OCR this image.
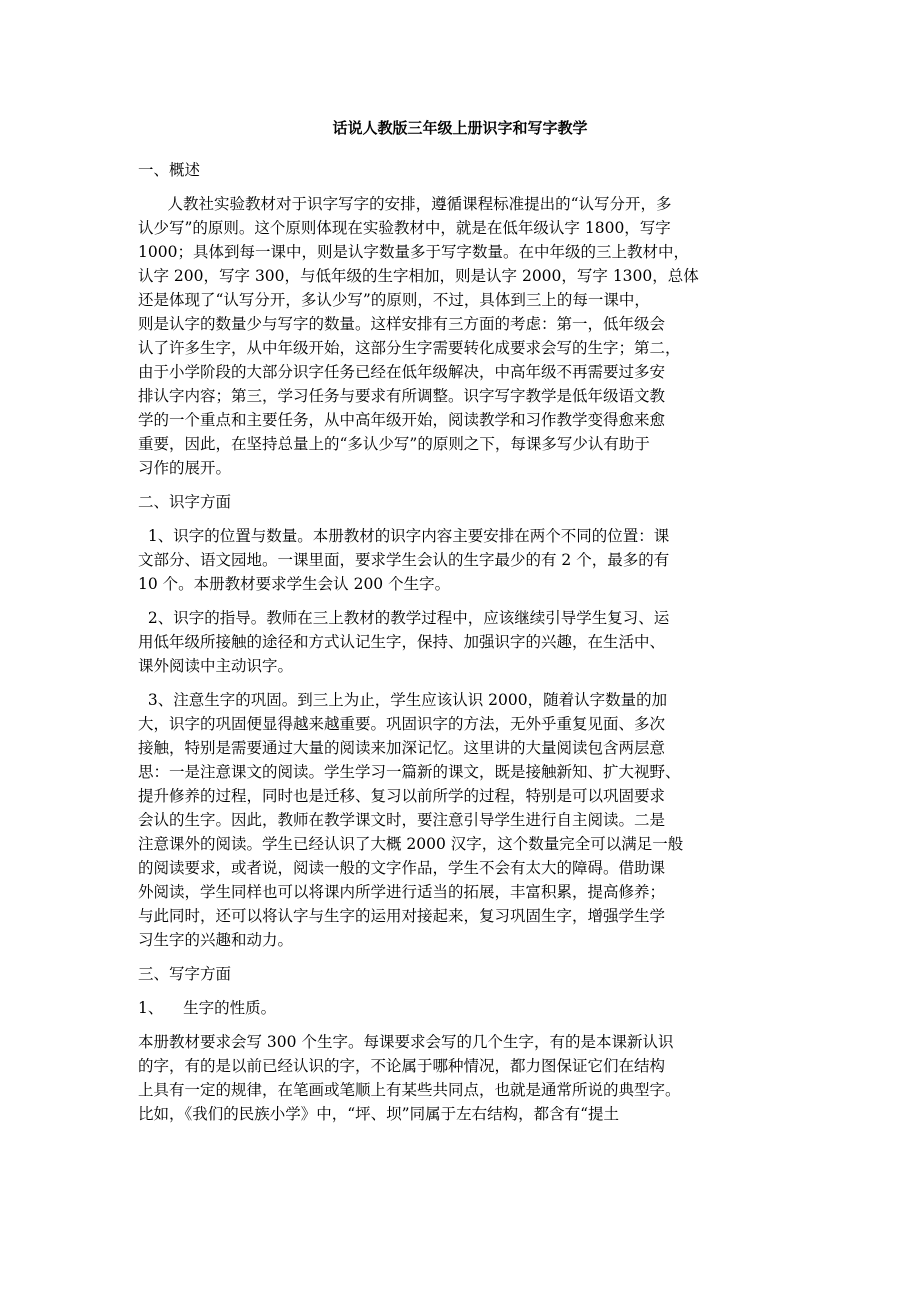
话说人教版三年级上册识字和写字教学
一、概述
人教社实验教材对于识字写字的安排，遵循课程标准提出的“认写分开，多
认少写”的原则。这个原则体现在实验教材中，就是在低年级认字 1800，写字
1000；具体到每一课中，则是认字数量多于写字数量。在中年级的三上教材中，
认字 200，写字 300，与低年级的生字相加，则是认字 2000，写字 1300，总体
还是体现了“认写分开，多认少写”的原则，不过，具体到三上的每一课中，
则是认字的数量少与写字的数量。这样安排有三方面的考虑：第一，低年级会
认了许多生字，从中年级开始，这部分生字需要转化成要求会写的生字；第二，
由于小学阶段的大部分识字任务已经在低年级解决，中高年级不再需要过多安
排认字内容；第三，学习任务与要求有所调整。识字写字教学是低年级语文教
学的一个重点和主要任务，从中高年级开始，阅读教学和习作教学变得愈来愈
重要，因此，在坚持总量上的“多认少写”的原则之下，每课多写少认有助于
习作的展开。
二、识字方面
1、识字的位置与数量。本册教材的识字内容主要安排在两个不同的位置：课
文部分、语文园地。一课里面，要求学生会认的生字最少的有 2 个，最多的有
10 个。本册教材要求学生会认 200 个生字。
2、识字的指导。教师在三上教材的教学过程中，应该继续引导学生复习、运
用低年级所接触的途径和方式认记生字，保持、加强识字的兴趣，在生活中、
课外阅读中主动识字。
3、注意生字的巩固。到三上为止，学生应该认识 2000，随着认字数量的加
大，识字的巩固便显得越来越重要。巩固识字的方法，无外乎重复见面、多次
接触，特别是需要通过大量的阅读来加深记忆。这里讲的大量阅读包含两层意
思：一是注意课文的阅读。学生学习一篇新的课文，既是接触新知、扩大视野、
提升修养的过程，同时也是迁移、复习以前所学的过程，特别是可以巩固要求
会认的生字。因此，教师在教学课文时，要注意引导学生进行自主阅读。二是
注意课外的阅读。学生已经认识了大概 2000 汉字，这个数量完全可以满足一般
的阅读要求，或者说，阅读一般的文字作品，学生不会有太大的障碍。借助课
外阅读，学生同样也可以将课内所学进行适当的拓展，丰富积累，提高修养；
与此同时，还可以将认字与生字的运用对接起来，复习巩固生字，增强学生学
习生字的兴趣和动力。
三、写字方面
1、    生字的性质。
本册教材要求会写 300 个生字。每课要求会写的几个生字，有的是本课新认识
的字，有的是以前已经认识的字，不论属于哪种情况，都力图保证它们在结构
上具有一定的规律，在笔画或笔顺上有某些共同点，也就是通常所说的典型字。
比如，《我们的民族小学》中，“坪、坝”同属于左右结构，都含有“提土
